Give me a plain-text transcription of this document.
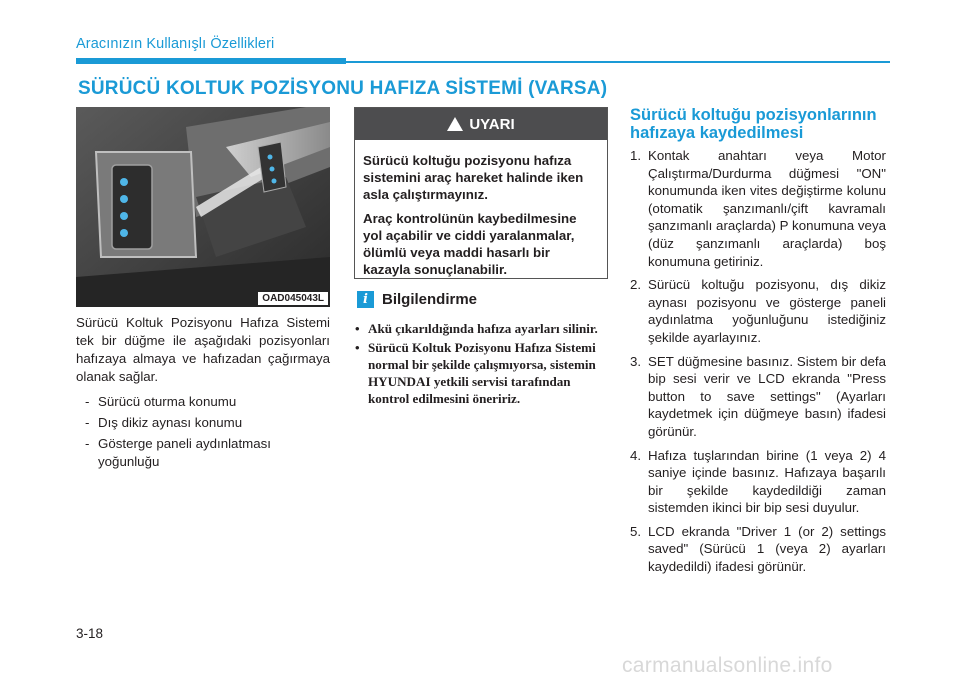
Aracınızın Kullanışlı Özellikleri
SÜRÜCÜ KOLTUK POZİSYONU HAFIZA SİSTEMİ (VARSA)
OAD045043L

Sürücü Koltuk Pozisyonu Hafıza Sistemi tek bir düğme ile aşağıdaki pozisyonları hafızaya almaya ve hafızadan çağırmaya olanak sağlar.

- Sürücü oturma konumu
- Dış dikiz aynası konumu
- Gösterge paneli aydınlatması yoğunluğu
UYARI

Sürücü koltuğu pozisyonu hafıza sistemini araç hareket halinde iken asla çalıştırmayınız.

Araç kontrolünün kaybedilmesine yol açabilir ve ciddi yaralanmalar, ölümlü veya maddi hasarlı bir kazayla sonuçlanabilir.

i Bilgilendirme
• Akü çıkarıldığında hafıza ayarları silinir.
• Sürücü Koltuk Pozisyonu Hafıza Sistemi normal bir şekilde çalışmıyorsa, sistemin HYUNDAI yetkili servisi tarafından kontrol edilmesini öneririz.
Sürücü koltuğu pozisyonlarının hafızaya kaydedilmesi
1. Kontak anahtarı veya Motor Çalıştırma/Durdurma düğmesi "ON" konumunda iken vites değiştirme kolunu (otomatik şanzımanlı/çift kavramalı şanzımanlı araçlarda) P konumuna veya (düz şanzımanlı araçlarda) boş konumuna getiriniz.
2. Sürücü koltuğu pozisyonu, dış dikiz aynası pozisyonu ve gösterge paneli aydınlatma yoğunluğunu istediğiniz şekilde ayarlayınız.
3. SET düğmesine basınız. Sistem bir defa bip sesi verir ve LCD ekranda "Press button to save settings" (Ayarları kaydetmek için düğmeye basın) ifadesi görünür.
4. Hafıza tuşlarından birine (1 veya 2) 4 saniye içinde basınız. Hafızaya başarılı bir şekilde kaydedildiği zaman sistemden ikinci bir bip sesi duyulur.
5. LCD ekranda "Driver 1 (or 2) settings saved" (Sürücü 1 (veya 2) ayarları kaydedildi) ifadesi görünür.
3-18
carmanualsonline.info
